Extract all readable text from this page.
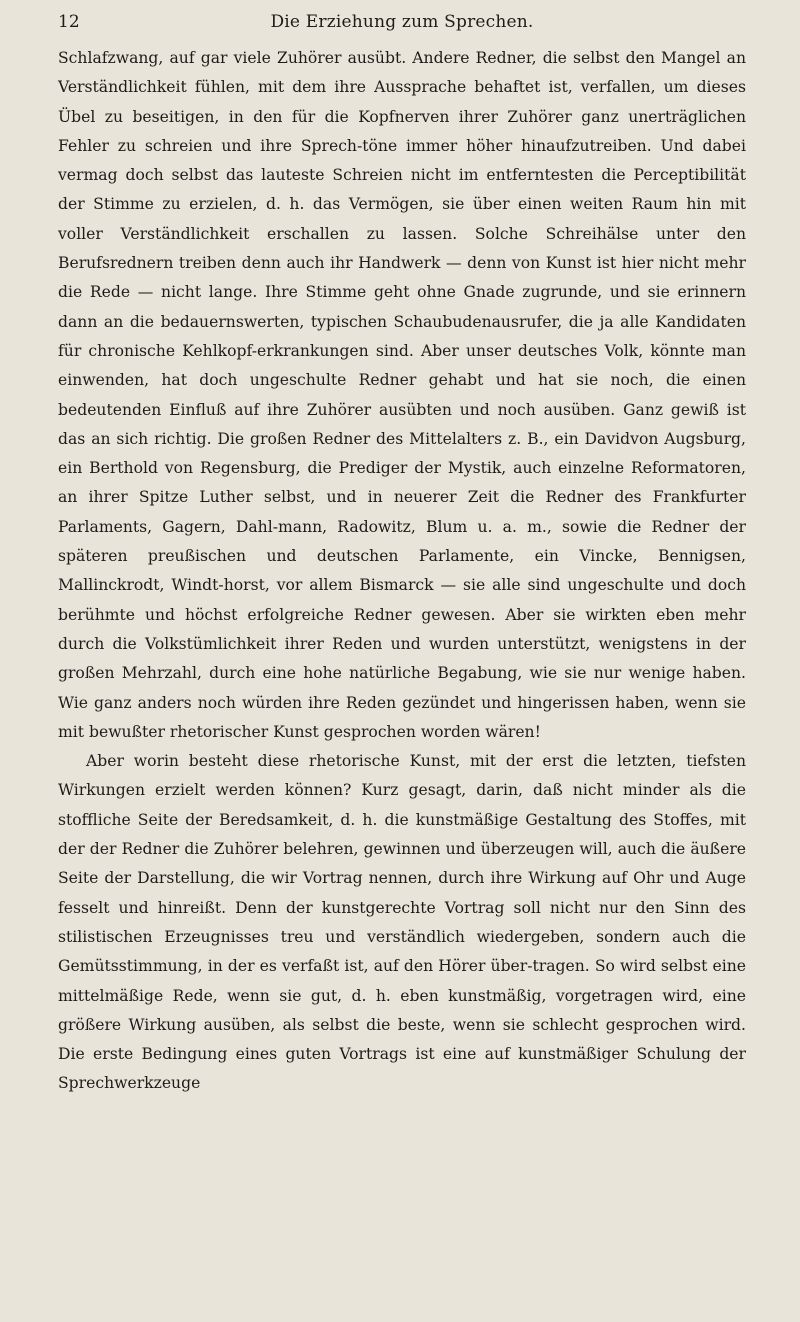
12	Die Erziehung zum Sprechen.

Schlafzwang, auf gar viele Zuhörer ausübt. Andere Redner, die selbst den Mangel an Verständlichkeit fühlen, mit dem ihre Aussprache behaftet ist, verfallen, um dieses Übel zu beseitigen, in den für die Kopfnerven ihrer Zuhörer ganz unerträglichen Fehler zu schreien und ihre Sprech-töne immer höher hinaufzutreiben. Und dabei vermag doch selbst das lauteste Schreien nicht im entferntesten die Perceptibilität der Stimme zu erzielen, d. h. das Vermögen, sie über einen weiten Raum hin mit voller Verständlichkeit erschallen zu lassen. Solche Schreihälse unter den Berufsrednern treiben denn auch ihr Handwerk — denn von Kunst ist hier nicht mehr die Rede — nicht lange. Ihre Stimme geht ohne Gnade zugrunde, und sie erinnern dann an die bedauernswerten, typischen Schaubudenausrufer, die ja alle Kandidaten für chronische Kehlkopf-erkrankungen sind. Aber unser deutsches Volk, könnte man einwenden, hat doch ungeschulte Redner gehabt und hat sie noch, die einen bedeutenden Einfluß auf ihre Zuhörer ausübten und noch ausüben. Ganz gewiß ist das an sich richtig. Die großen Redner des Mittelalters z. B., ein Davidvon Augsburg, ein Berthold von Regensburg, die Prediger der Mystik, auch einzelne Reformatoren, an ihrer Spitze Luther selbst, und in neuerer Zeit die Redner des Frankfurter Parlaments, Gagern, Dahl-mann, Radowitz, Blum u. a. m., sowie die Redner der späteren preußischen und deutschen Parlamente, ein Vincke, Bennigsen, Mallinckrodt, Windt-horst, vor allem Bismarck — sie alle sind ungeschulte und doch berühmte und höchst erfolgreiche Redner gewesen. Aber sie wirkten eben mehr durch die Volkstümlichkeit ihrer Reden und wurden unterstützt, wenigstens in der großen Mehrzahl, durch eine hohe natürliche Begabung, wie sie nur wenige haben. Wie ganz anders noch würden ihre Reden gezündet und hingerissen haben, wenn sie mit bewußter rhetorischer Kunst gesprochen worden wären!

Aber worin besteht diese rhetorische Kunst, mit der erst die letzten, tiefsten Wirkungen erzielt werden können? Kurz gesagt, darin, daß nicht minder als die stoffliche Seite der Beredsamkeit, d. h. die kunstmäßige Gestaltung des Stoffes, mit der der Redner die Zuhörer belehren, gewinnen und überzeugen will, auch die äußere Seite der Darstellung, die wir Vortrag nennen, durch ihre Wirkung auf Ohr und Auge fesselt und hinreißt. Denn der kunstgerechte Vortrag soll nicht nur den Sinn des stilistischen Erzeugnisses treu und verständlich wiedergeben, sondern auch die Gemütsstimmung, in der es verfaßt ist, auf den Hörer über-tragen. So wird selbst eine mittelmäßige Rede, wenn sie gut, d. h. eben kunstmäßig, vorgetragen wird, eine größere Wirkung ausüben, als selbst die beste, wenn sie schlecht gesprochen wird. Die erste Bedingung eines guten Vortrags ist eine auf kunstmäßiger Schulung der Sprechwerkzeuge
